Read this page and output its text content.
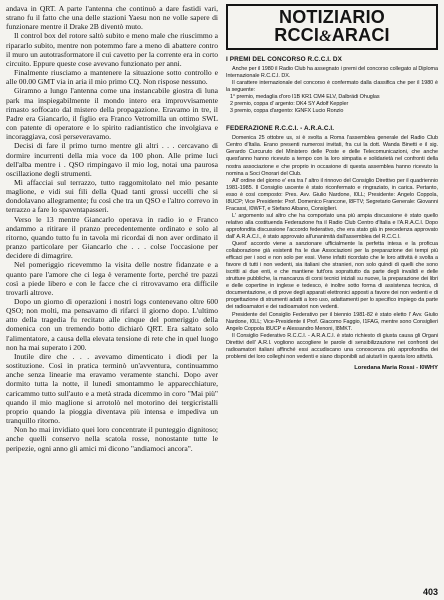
andava in QRT. A parte l'antenna che continuò a dare fastidi vari, strano fu il fatto che una delle stazioni Yaesu non ne volle sapere di funzionare mentre il Drake 2B diventò muto.

Il control box del rotore saltò subito e meno male che riuscimmo a ripararlo subito, mentre non potemmo fare a meno di abattere contro il muro un autotrasformatore il cui cavetto per la corrente era in corto circuito. Eppure queste cose avevano funzionato per anni.

Finalmente riusciamo a mantenere la situazione sotto controllo e alle 00.00 GMT via in aria il mio primo CQ. Non rispose nessuno.

Giramno a lungo l'antenna come una instancabile giostra di luna park ma inspiegabilmente il mondo intero era improvvisamente rimasto soffocato dal mistero della propagazione. Eravamo in tre, il Padre era Giancarlo, il figlio era Franco Vetromilla un ottimo SWL con patente di operatore e lo spirito radiantistico che involgiava e incoraggiava, così perseveravamo.

Decisi di fare il primo turno mentre gli altri . . . cercavano di dormire incurrenti della mia voce da 100 phon. Alle prime luci dell'alba mentre i . QSO rimpingavo il mio log, notai una paurosa oscillazione degli strumenti.

Mi affacciai sul terrazzo, tutto raggomitolato nel mio pesante maglione, e vidi sui fili della Quad tanti grossi uccelli che si dondolavano allegramente; fu così che tra un QSO e l'altro correvo in terrazzo a fare lo spaventapasseri.

Verso le 13 mentre Giancarlo operava in radio io e Franco andammo a ritirare il pranzo precedentemente ordinato e solo al ritorno, quando tutto fu in tavola mi ricordai di non aver ordinato il pranzo particolare per Giancarlo che . . . colse l'occasione per decidere di dimagrire.

Nel pomeriggio ricevemmo la visita delle nostre fidanzate e a quanto pare l'amore che ci lega è veramente forte, perché tre pazzi così a piede libero e con le facce che ci ritrovavamo era difficile trovarli altrove.

Dopo un giorno di operazioni i nostri logs contenevano oltre 600 QSO; non molti, ma pensavamo di rifarci il giorno dopo. L'ultimo atto della tragedia fu recitato alle cinque del pomeriggio della domenica con un tremendo botto dichiarò QRT. Era saltato solo l'alimentatore, a causa della elevata tensione di rete che in quel luogo non ha mai superato i 200.

Inutile dire che . . . avevamo dimenticato i diodi per la sostituzione. Così in pratica terminò un'avventura, continuammo anche senza linearie ma eravamo veramente stanchi. Dopo aver dormito tutta la notte, il lunedì smontammo le apparecchiature, caricammo tutto sull'auto e a metà strada dicemmo in coro "Mai più" quando il mio maglione si arrotolò nel motorino dei tergicristalli proprio quando la pioggia diventava più intensa e impediva un tranquillo ritorno.

Non ho mai invidiato quei loro concentrate il punteggio dignitoso; anche quelli conservo nella scatola rosse, nonostante tutte le peripezie, ogni anno gli amici mi dicono "andiamoci ancora".

NOTIZIARIO
RCCI&ARACI
I PREMI DEL CONCORSO R.C.C.I. DX

Anche per il 1980 il Radio Club ha assegnato i premi del concorso collegato al Diploma Internazionale R.C.C.I. DX.

Il carattere internazionale del concorso è confermato dalla classifica che per il 1980 è la seguente:

1° premio, medaglia d'oro I1B KR1 CM4 ELV, Dalbrädi Ohuglas

2 premio, coppa d' argento: DK4 SY Adolf Keppler

3 premio, coppa d'argento: IGNFX Lucio Ronzio

FEDERAZIONE R.C.C.I. - A.R.A.C.I.

Domenica 25 ottobre us, si è svolta a Roma l'assemblea generale del Radio Club Centro d'Italia. Erano presenti numerosi invitati, fra cui la dott. Wanda Binetti e il sig. Gerardo Curcuruto del Ministero delle Poste e delle Telecomunicazioni, che anche quest'anno hanno ricevuto a tempo con la loro simpatia e solidarietà nel confronti della nostra associazione e che proprio in occasione di questa assemblea hanno ricevuto la nomina a Soci Onorari del Club.

All' ordine del giorno e' era tra l' altro il rinnovo del Consiglio Direttivo per il quadriennio 1981-1985. Il Consiglio uscente è stato riconfermato e ringraziato, in carica. Pertanto, esso è così composto: Pres. Avv. Giulio Nardone, I0LL; Presidente: Angelo Coppola, I8UCP; Vice Presidente: Prof. Domenico Francone, I8FTV; Segretario Generale: Giovanni Fracassi, I0WFT, e Stefano Albano, Consiglieri.

L' argomento sul altro che ha comportato una più ampia discussione è stato quello relativo alla costituenda Federazione fra il Radio Club Centro d'Italia e l'A.R.A.C.I. Dopo approfondita discussione l'accordo federativo, che era stato già in precedenza approvato dall' A.R.A.C.I., è stato approvato all'unanimità dall'assemblea del R.C.C.I.

Quest' accordo viene a sanzionare ufficialmente la perfetta intesa e la proficua collaborazione già esistenti fra le due Associazioni per la preparazione dei tempi più efficaci per i soci e non solo per essi. Viene infatti ricordato che le loro attività è svolta a favore di tutti i non vedenti, sia italiani che stranieri, non solo quindi di quelli che sono iscritti ai due enti, e che mantiene tutt'ora soprattutto da parte degli invalidi e delle strutture pubbliche, la mancanza di corsi tecnici iniziali su nuove, la preparazione dei libri e delle copertine in inglese e tedesco, è inoltre sotto forma di assistenza tecnica, di documentazione, e di prove degli apparati elettronici apposti a favore dei non vedenti e di progettazione di strumenti adatti a loro uso, adattamenti per lo specifico impiego da parte dei radioamatori e dei radioamatori non vedenti.

Presidente del Consiglio Federativo per il biennio 1981-82 è stato eletto l' Avv. Giulio Nardone, I0LL; Vice-Presidente il Prof. Giacomo Faggio, I1FAG, mentre sono Consiglieri Angelo Coppola I8UCP e Alessandro Menoni, I8MKT.

Il Consiglio Federativo R.C.C.I. - A.R.A.C.I. è stato richiesto di giusta causa gli Organi Direttivi dell' A.R.I. vogliono accogliere le parole di sensibilizzazione nei confronti dei radioamatori italiani affinché essi accudiscano una conoscenza più approfondita dei problemi dei loro colleghi non vedenti e siano disponibili ad aiutarli in questa loro attività.

Loredana Maria Rossi - I0WHY
403
